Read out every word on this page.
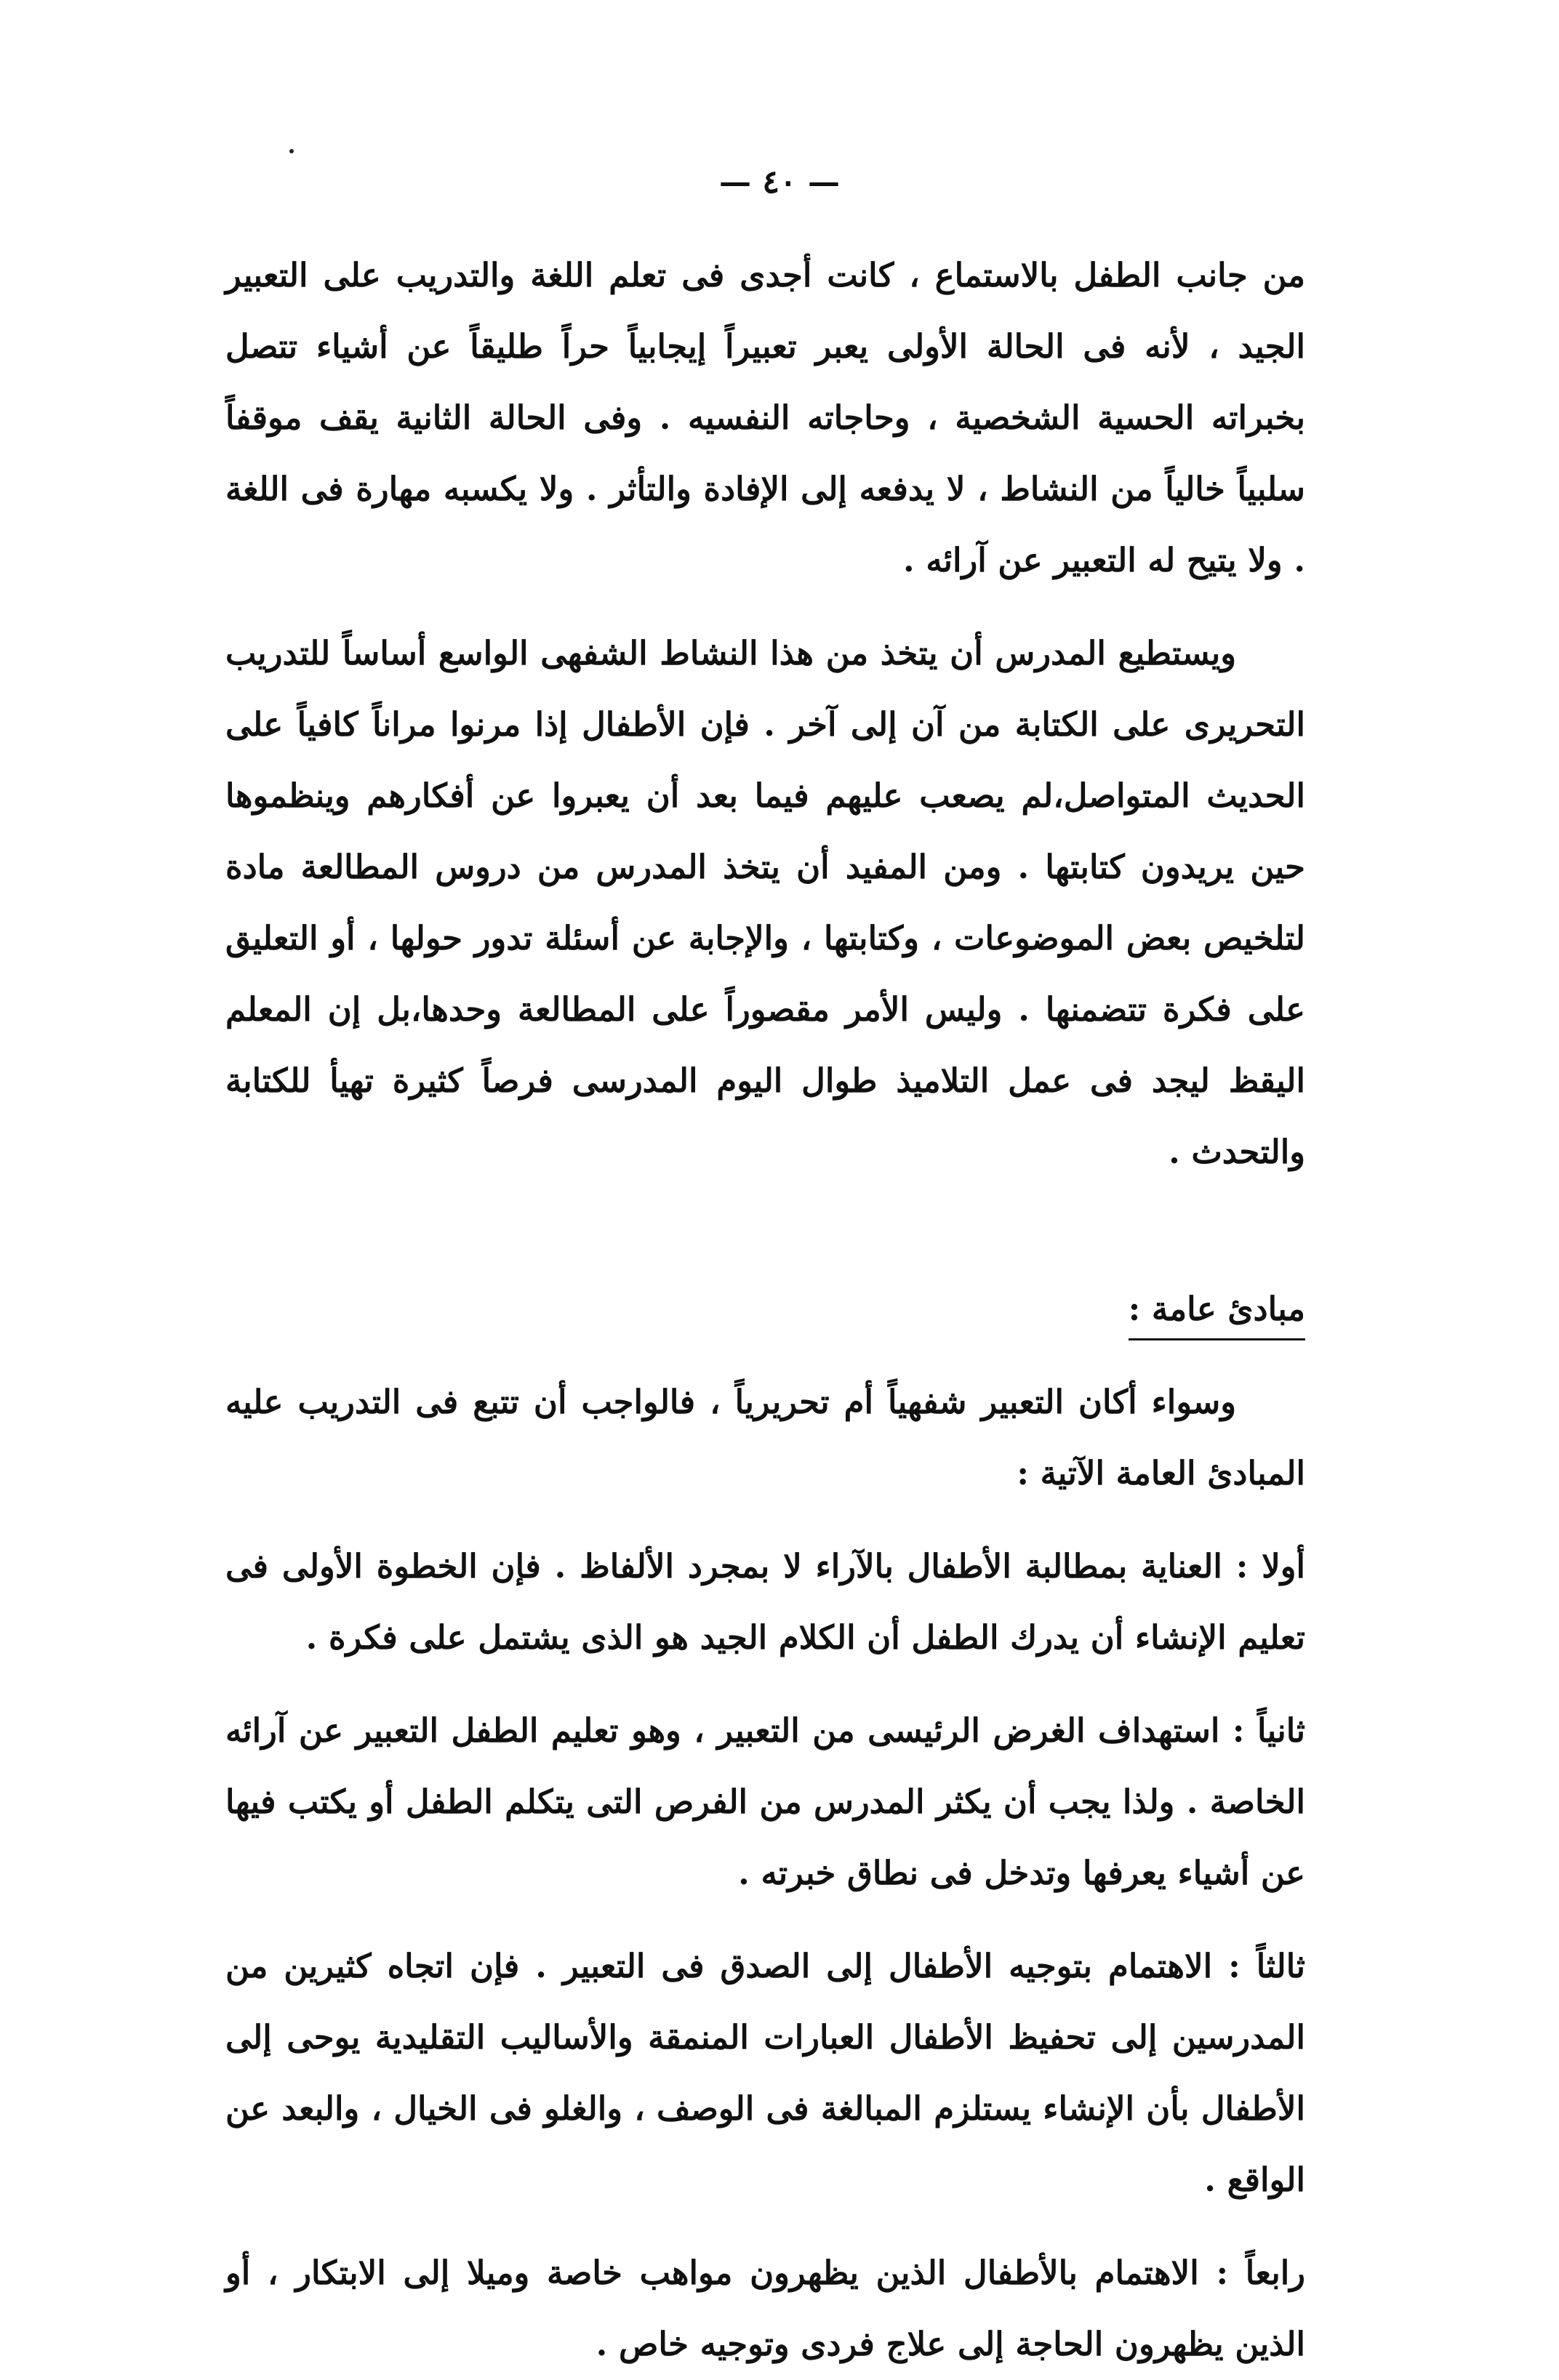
— ٤٠ —

من جانب الطفل بالاستماع ، كانت أجدى فى تعلم اللغة والتدريب على التعبير الجيد ، لأنه فى الحالة الأولى يعبر تعبيراً إيجابياً حراً طليقاً عن أشياء تتصل بخبراته الحسية الشخصية ، وحاجاته النفسيه . وفى الحالة الثانية يقف موقفاً سلبياً خالياً من النشاط ، لا يدفعه إلى الإفادة والتأثر . ولا يكسبه مهارة فى اللغة . ولا يتيح له التعبير عن آرائه .

ويستطيع المدرس أن يتخذ من هذا النشاط الشفهى الواسع أساساً للتدريب التحريرى على الكتابة من آن إلى آخر . فإن الأطفال إذا مرنوا مراناً كافياً على الحديث المتواصل،لم يصعب عليهم فيما بعد أن يعبروا عن أفكارهم وينظموها حين يريدون كتابتها . ومن المفيد أن يتخذ المدرس من دروس المطالعة مادة لتلخيص بعض الموضوعات ، وكتابتها ، والإجابة عن أسئلة تدور حولها ، أو التعليق على فكرة تتضمنها . وليس الأمر مقصوراً على المطالعة وحدها،بل إن المعلم اليقظ ليجد فى عمل التلاميذ طوال اليوم المدرسى فرصاً كثيرة تهيأ للكتابة والتحدث .

مبادئ عامة :

وسواء أكان التعبير شفهياً أم تحريرياً ، فالواجب أن تتبع فى التدريب عليه المبادئ العامة الآتية :

أولا : العناية بمطالبة الأطفال بالآراء لا بمجرد الألفاظ . فإن الخطوة الأولى فى تعليم الإنشاء أن يدرك الطفل أن الكلام الجيد هو الذى يشتمل على فكرة .

ثانياً : استهداف الغرض الرئيسى من التعبير ، وهو تعليم الطفل التعبير عن آرائه الخاصة . ولذا يجب أن يكثر المدرس من الفرص التى يتكلم الطفل أو يكتب فيها عن أشياء يعرفها وتدخل فى نطاق خبرته .

ثالثاً : الاهتمام بتوجيه الأطفال إلى الصدق فى التعبير . فإن اتجاه كثيرين من المدرسين إلى تحفيظ الأطفال العبارات المنمقة والأساليب التقليدية يوحى إلى الأطفال بأن الإنشاء يستلزم المبالغة فى الوصف ، والغلو فى الخيال ، والبعد عن الواقع .

رابعاً : الاهتمام بالأطفال الذين يظهرون مواهب خاصة وميلا إلى الابتكار ، أو الذين يظهرون الحاجة إلى علاج فردى وتوجيه خاص .
